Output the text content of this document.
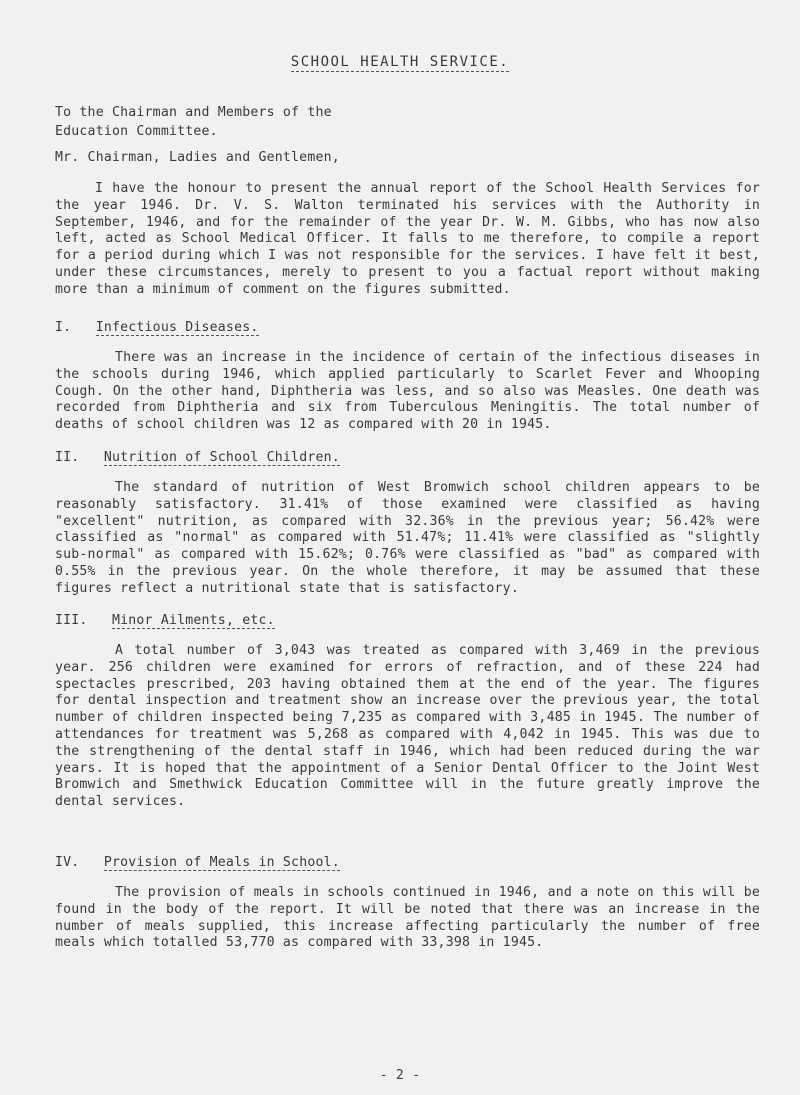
SCHOOL HEALTH SERVICE.
To the Chairman and Members of the
Education Committee.
Mr. Chairman, Ladies and Gentlemen,
I have the honour to present the annual report of the School Health Services for the year 1946. Dr. V. S. Walton terminated his services with the Authority in September, 1946, and for the remainder of the year Dr. W. M. Gibbs, who has now also left, acted as School Medical Officer. It falls to me therefore, to compile a report for a period during which I was not responsible for the services. I have felt it best, under these circumstances, merely to present to you a factual report without making more than a minimum of comment on the figures submitted.
I. Infectious Diseases.
There was an increase in the incidence of certain of the infectious diseases in the schools during 1946, which applied particularly to Scarlet Fever and Whooping Cough. On the other hand, Diphtheria was less, and so also was Measles. One death was recorded from Diphtheria and six from Tuberculous Meningitis. The total number of deaths of school children was 12 as compared with 20 in 1945.
II. Nutrition of School Children.
The standard of nutrition of West Bromwich school children appears to be reasonably satisfactory. 31.41% of those examined were classified as having "excellent" nutrition, as compared with 32.36% in the previous year; 56.42% were classified as "normal" as compared with 51.47%; 11.41% were classified as "slightly sub-normal" as compared with 15.62%; 0.76% were classified as "bad" as compared with 0.55% in the previous year. On the whole therefore, it may be assumed that these figures reflect a nutritional state that is satisfactory.
III. Minor Ailments, etc.
A total number of 3,043 was treated as compared with 3,469 in the previous year. 256 children were examined for errors of refraction, and of these 224 had spectacles prescribed, 203 having obtained them at the end of the year. The figures for dental inspection and treatment show an increase over the previous year, the total number of children inspected being 7,235 as compared with 3,485 in 1945. The number of attendances for treatment was 5,268 as compared with 4,042 in 1945. This was due to the strengthening of the dental staff in 1946, which had been reduced during the war years. It is hoped that the appointment of a Senior Dental Officer to the Joint West Bromwich and Smethwick Education Committee will in the future greatly improve the dental services.
IV. Provision of Meals in School.
The provision of meals in schools continued in 1946, and a note on this will be found in the body of the report. It will be noted that there was an increase in the number of meals supplied, this increase affecting particularly the number of free meals which totalled 53,770 as compared with 33,398 in 1945.
- 2 -
